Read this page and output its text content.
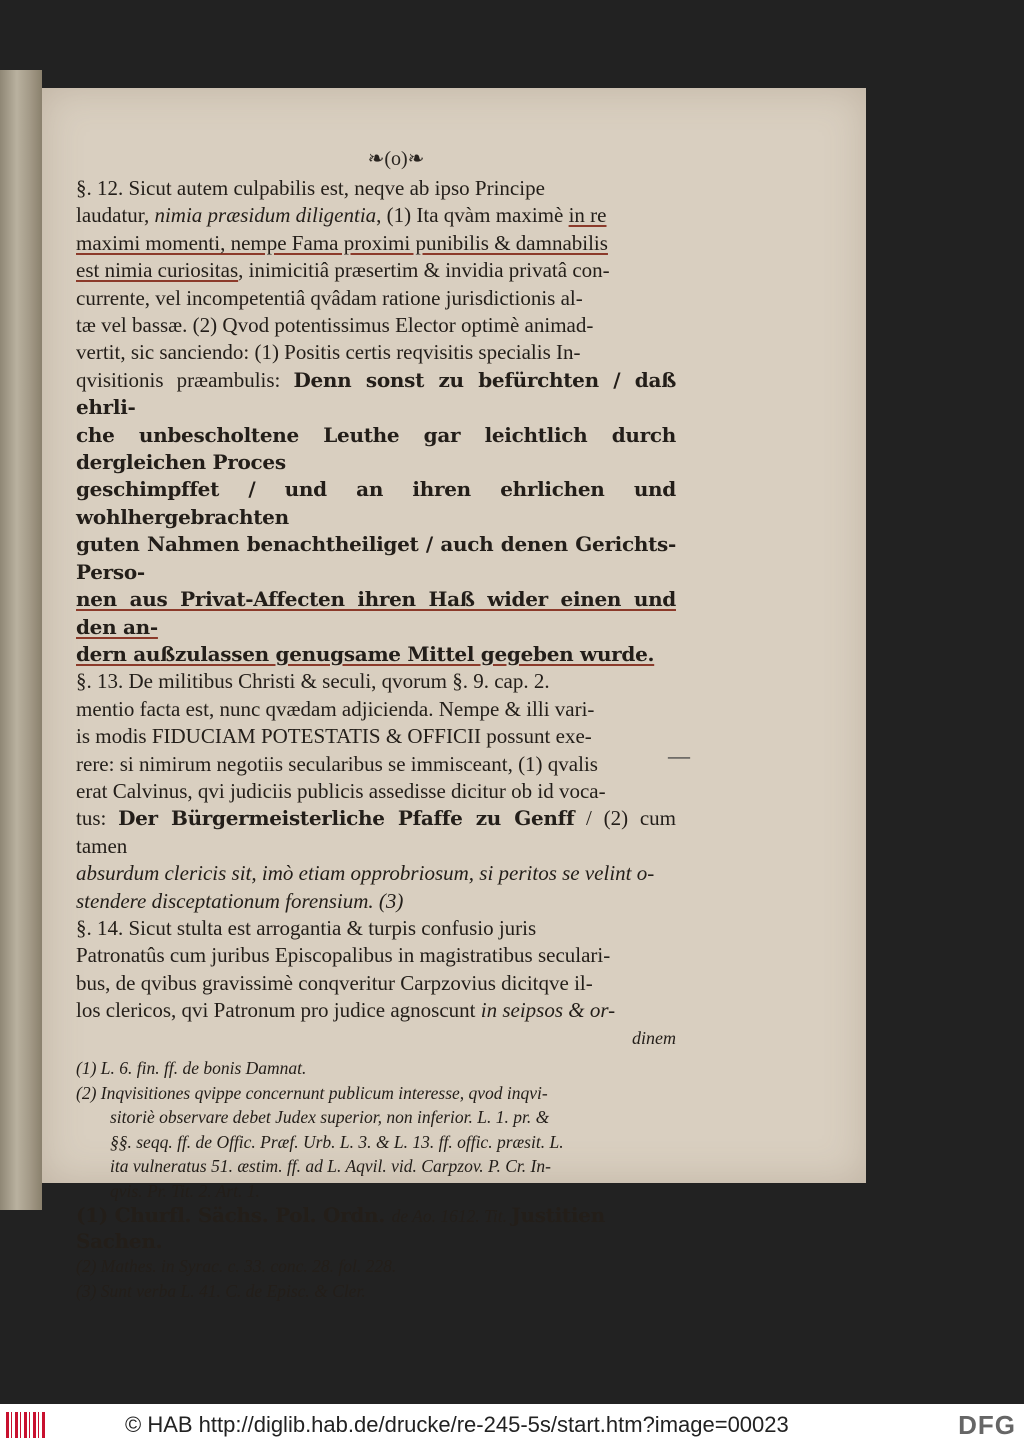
❧(o)❧

§. 12. Sicut autem culpabilis est, neqve ab ipso Principe

laudatur, nimia præsidum diligentia, (1) Ita qvàm maximè in re

maximi momenti, nempe Fama proximi punibilis & damnabilis

est nimia curiositas, inimicitiâ præsertim & invidia privatâ con-

currente, vel incompetentiâ qvâdam ratione jurisdictionis al-

tæ vel bassæ. (2) Qvod potentissimus Elector optimè animad-

vertit, sic sanciendo: (1) Positis certis reqvisitis specialis In-

qvisitionis præambulis: Denn sonst zu befürchten / daß ehrli-

che unbescholtene Leuthe gar leichtlich durch dergleichen Proces

geschimpffet / und an ihren ehrlichen und wohlhergebrachten

guten Nahmen benachtheiliget / auch denen Gerichts-Perso-

nen aus Privat-Affecten ihren Haß wider einen und den an-

dern außzulassen genugsame Mittel gegeben wurde.

§. 13. De militibus Christi & seculi, qvorum §. 9. cap. 2.

mentio facta est, nunc qvædam adjicienda. Nempe & illi vari-

is modis FIDUCIAM POTESTATIS & OFFICII possunt exe-

rere: si nimirum negotiis secularibus se immisceant, (1) qvalis

erat Calvinus, qvi judiciis publicis assedisse dicitur ob id voca-

tus: Der Bürgermeisterliche Pfaffe zu Genff / (2) cum tamen

absurdum clericis sit, imò etiam opprobriosum, si peritos se velint o-

stendere disceptationum forensium. (3)

§. 14. Sicut stulta est arrogantia & turpis confusio juris

Patronatûs cum juribus Episcopalibus in magistratibus seculari-

bus, de qvibus gravissimè conqveritur Carpzovius dicitqve il-

los clericos, qvi Patronum pro judice agnoscunt in seipsos & or-

dinem

(1) L. 6. fin. ff. de bonis Damnat.

(2) Inqvisitiones qvippe concernunt publicum interesse, qvod inqvi-

sitoriè observare debet Judex superior, non inferior. L. 1. pr. &

§§. seqq. ff. de Offic. Præf. Urb. L. 3. & L. 13. ff. offic. præsit. L.

ita vulneratus 51. æstim. ff. ad L. Aqvil. vid. Carpzov. P. Cr. In-

qvis. Pr. Tit. 2. Art. 1.

(1) Churfl. Sächs. Pol. Ordn. de Ao. 1612. Tit. Justitien Sachen.

(2) Mathes. in Syrac. c. 33. conc. 28. fol. 228.

(3) Sunt verba L. 41. C. de Episc. & Cler.

—
© HAB http://diglib.hab.de/drucke/re-245-5s/start.htm?image=00023	DFG
